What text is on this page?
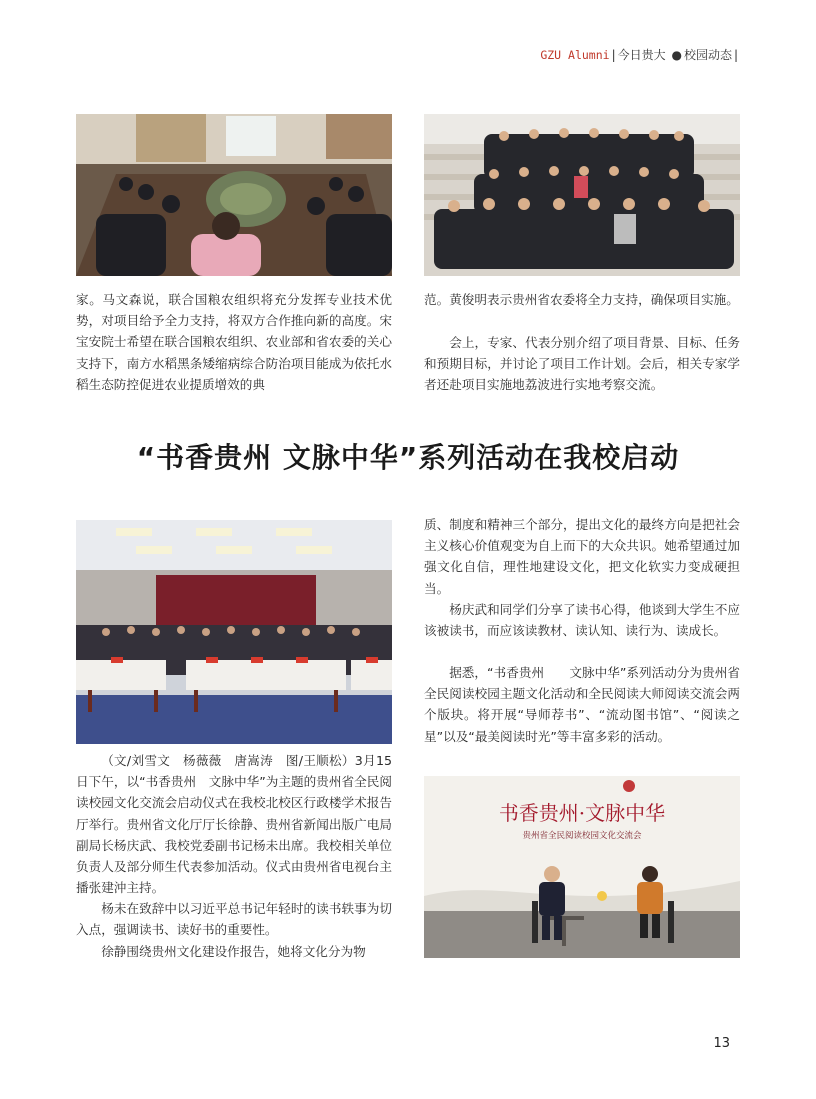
GZU Alumni | 今日贵大 ● 校园动态 |

家。马文森说，联合国粮农组织将充分发挥专业技术优势，对项目给予全力支持，将双方合作推向新的高度。宋宝安院士希望在联合国粮农组织、农业部和省农委的关心支持下，南方水稻黑条矮缩病综合防治项目能成为依托水稻生态防控促进农业提质增效的典

范。黄俊明表示贵州省农委将全力支持，确保项目实施。

会上，专家、代表分别介绍了项目背景、目标、任务和预期目标，并讨论了项目工作计划。会后，相关专家学者还赴项目实施地荔波进行实地考察交流。

“书香贵州 文脉中华”系列活动在我校启动

（文/刘雪文　杨薇薇　唐嵩涛　图/王顺松）3月15日下午，以“书香贵州　文脉中华”为主题的贵州省全民阅读校园文化交流会启动仪式在我校北校区行政楼学术报告厅举行。贵州省文化厅厅长徐静、贵州省新闻出版广电局副局长杨庆武、我校党委副书记杨未出席。我校相关单位负责人及部分师生代表参加活动。仪式由贵州省电视台主播张建沖主持。

杨未在致辞中以习近平总书记年轻时的读书轶事为切入点，强调读书、读好书的重要性。

徐静围绕贵州文化建设作报告，她将文化分为物

质、制度和精神三个部分，提出文化的最终方向是把社会主义核心价值观变为自上而下的大众共识。她希望通过加强文化自信，理性地建设文化，把文化软实力变成硬担当。

杨庆武和同学们分享了读书心得，他谈到大学生不应该被读书，而应该读教材、读认知、读行为、读成长。

据悉，“书香贵州　　文脉中华”系列活动分为贵州省全民阅读校园主题文化活动和全民阅读大师阅读交流会两个版块。将开展“导师荐书”、“流动图书馆”、“阅读之星”以及“最美阅读时光”等丰富多彩的活动。

书香贵州·文脉中华
贵州省全民阅读校园文化交流会
13
